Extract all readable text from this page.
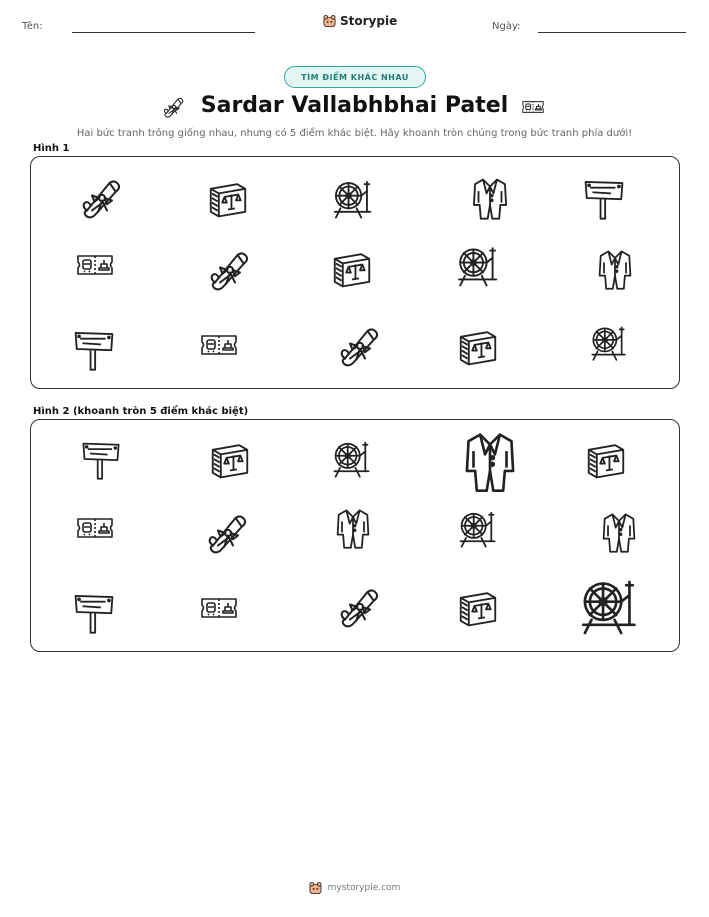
Tên:	Storypie	Ngày:
TÌM ĐIỂM KHÁC NHAU
Sardar Vallabhbhai Patel
Hai bức tranh trông giống nhau, nhưng có 5 điểm khác biệt. Hãy khoanh tròn chúng trong bức tranh phía dưới!
Hình 1
Hình 2 (khoanh tròn 5 điểm khác biệt)
mystorypie.com
